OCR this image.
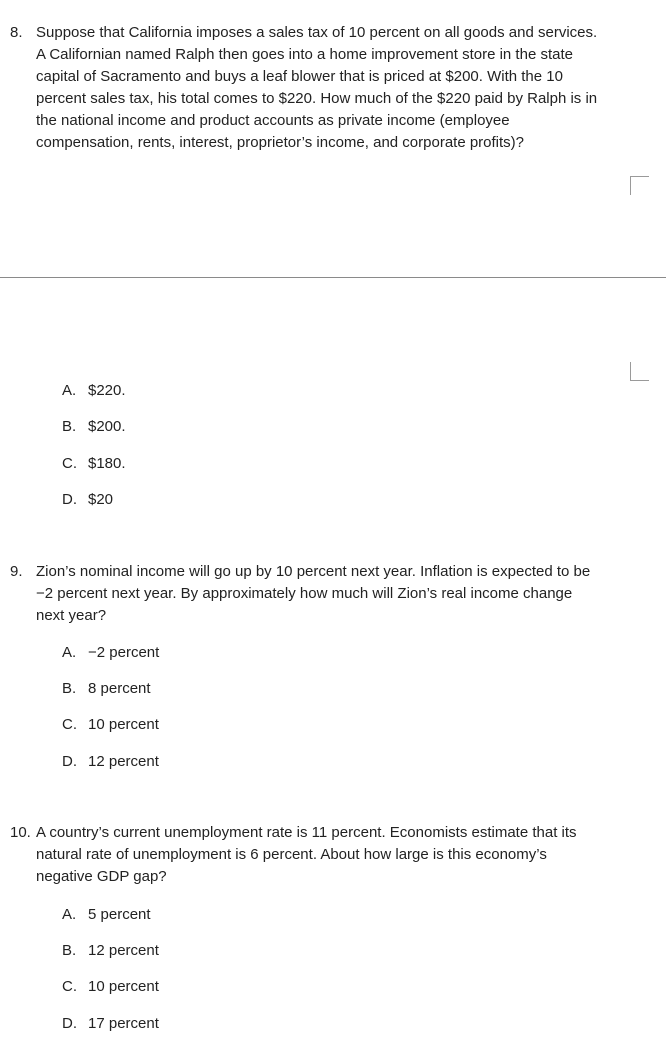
8. Suppose that California imposes a sales tax of 10 percent on all goods and services.
A Californian named Ralph then goes into a home improvement store in the state
capital of Sacramento and buys a leaf blower that is priced at $200. With the 10
percent sales tax, his total comes to $220. How much of the $220 paid by Ralph is in
the national income and product accounts as private income (employee
compensation, rents, interest, proprietor’s income, and corporate profits)?
A. $220.
B. $200.
C. $180.
D. $20
9. Zion’s nominal income will go up by 10 percent next year. Inflation is expected to be
−2 percent next year. By approximately how much will Zion’s real income change
next year?
A. −2 percent
B. 8 percent
C. 10 percent
D. 12 percent
10. A country’s current unemployment rate is 11 percent. Economists estimate that its
natural rate of unemployment is 6 percent. About how large is this economy’s
negative GDP gap?
A. 5 percent
B. 12 percent
C. 10 percent
D. 17 percent
